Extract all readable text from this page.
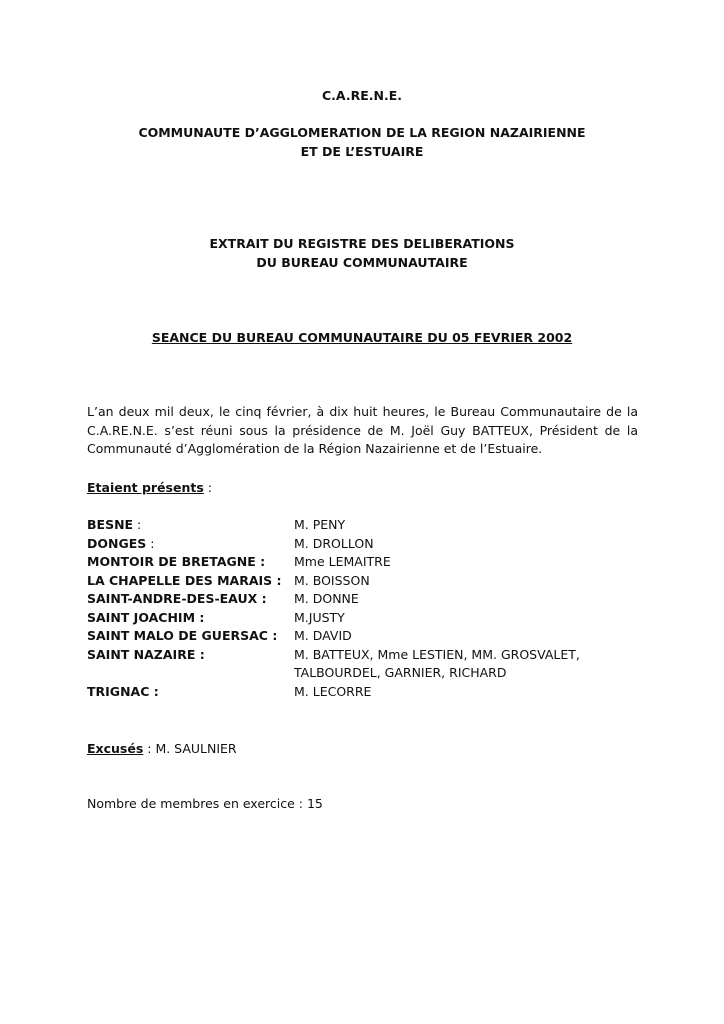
C.A.RE.N.E.
COMMUNAUTE D’AGGLOMERATION DE LA REGION NAZAIRIENNE
ET DE L’ESTUAIRE
EXTRAIT DU REGISTRE DES DELIBERATIONS
DU BUREAU COMMUNAUTAIRE
SEANCE DU BUREAU COMMUNAUTAIRE DU 05 FEVRIER 2002
L’an deux mil deux, le cinq février, à dix huit heures, le Bureau Communautaire de la
C.A.RE.N.E. s’est réuni sous la présidence de M. Joël Guy BATTEUX, Président de la
Communauté d’Agglomération de la Région Nazairienne et de l’Estuaire.
Etaient présents :
BESNE :	M. PENY
DONGES :	M. DROLLON
MONTOIR DE BRETAGNE :	Mme LEMAITRE
LA CHAPELLE DES MARAIS : M. BOISSON
SAINT-ANDRE-DES-EAUX :	M. DONNE
SAINT JOACHIM :	M.JUSTY
SAINT MALO DE GUERSAC :	M. DAVID
SAINT NAZAIRE :	M. BATTEUX, Mme LESTIEN, MM. GROSVALET,
TALBOURDEL, GARNIER, RICHARD
TRIGNAC :	M. LECORRE
Excusés : M. SAULNIER
Nombre de membres en exercice : 15
